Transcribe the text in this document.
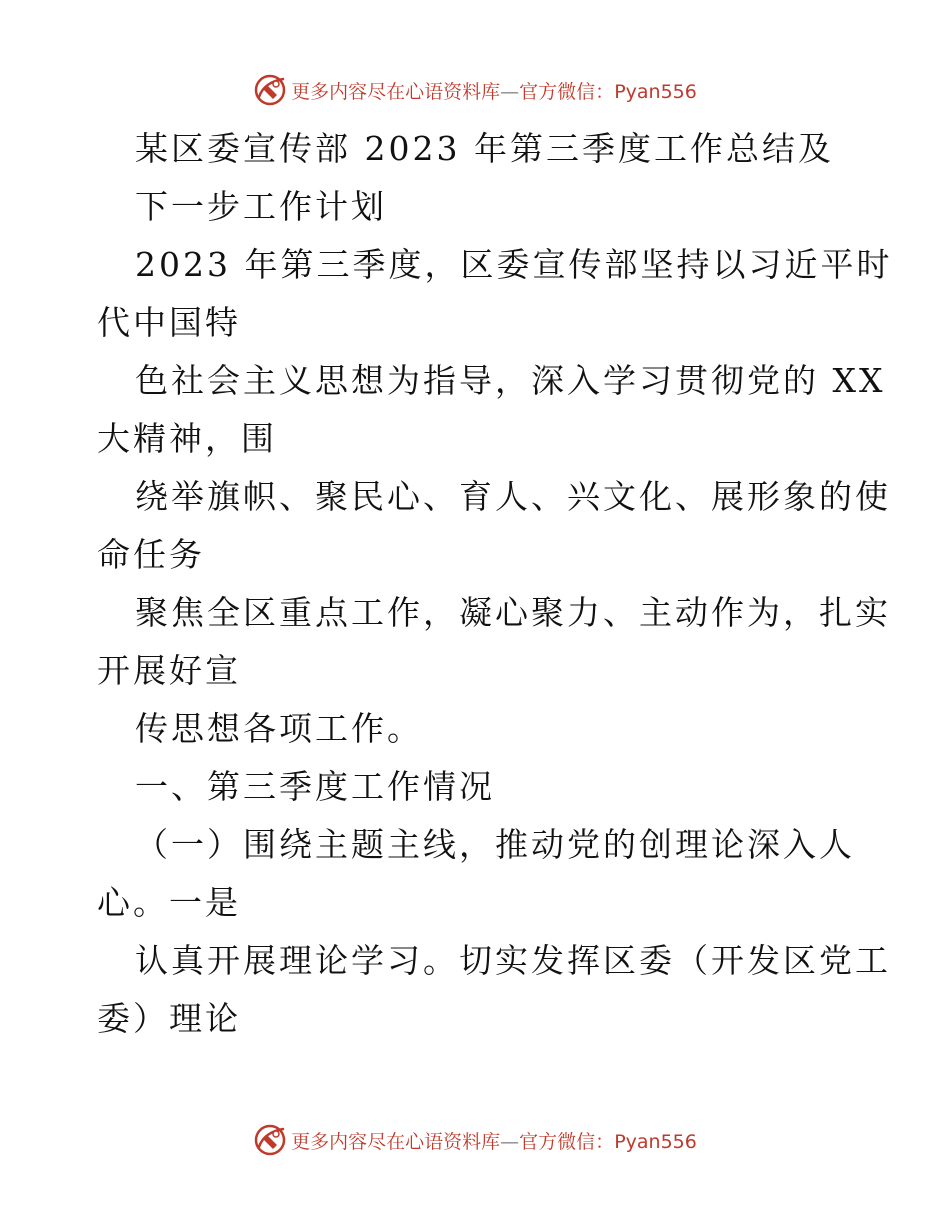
更多内容尽在心语资料库—官方微信：Pyan556
某区委宣传部 2023 年第三季度工作总结及
下一步工作计划
2023 年第三季度，区委宣传部坚持以习近平时
代中国特
色社会主义思想为指导，深入学习贯彻党的 XX
大精神，围
绕举旗帜、聚民心、育人、兴文化、展形象的使
命任务
聚焦全区重点工作，凝心聚力、主动作为，扎实
开展好宣
传思想各项工作。
一、第三季度工作情况
（一）围绕主题主线，推动党的创理论深入人
心。一是
认真开展理论学习。切实发挥区委（开发区党工
委）理论
更多内容尽在心语资料库—官方微信：Pyan556
